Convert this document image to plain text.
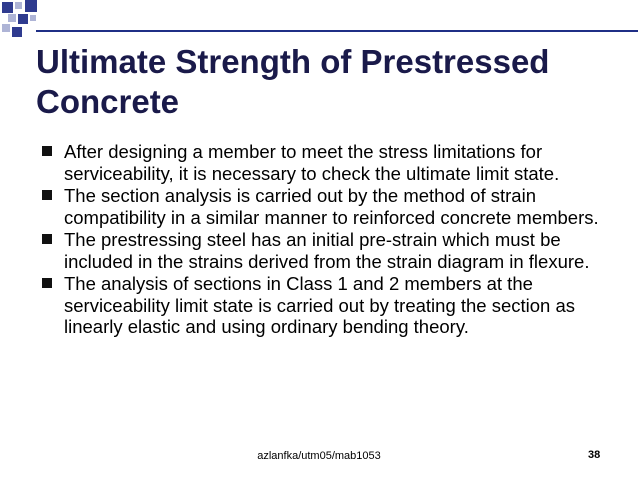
Ultimate Strength of Prestressed Concrete
After designing a member to meet the stress limitations for serviceability, it is necessary to check the ultimate limit state.
The section analysis is carried out by the method of strain compatibility in a similar manner to reinforced concrete members.
The prestressing steel has an initial pre-strain which must be included in the strains derived from the strain diagram in flexure.
The analysis of sections in Class 1 and 2 members at the serviceability limit state is carried out by treating the section as linearly elastic and using ordinary bending theory.
azlanfka/utm05/mab1053	38
